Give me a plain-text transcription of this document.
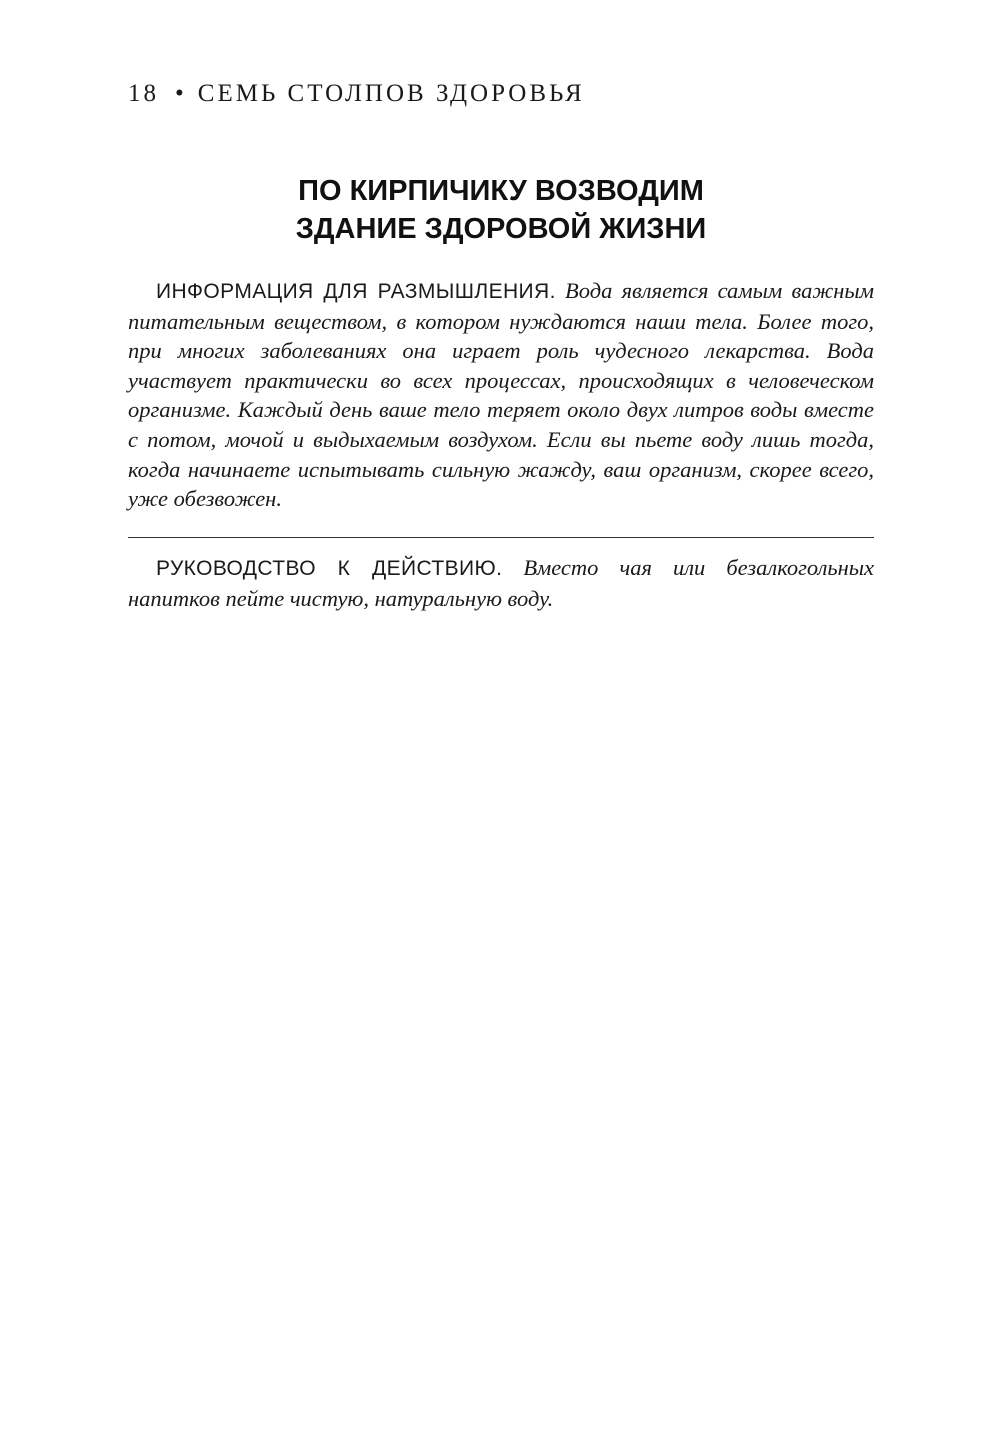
18 • СЕМЬ СТОЛПОВ ЗДОРОВЬЯ
ПО КИРПИЧИКУ ВОЗВОДИМ
ЗДАНИЕ ЗДОРОВОЙ ЖИЗНИ
ИНФОРМАЦИЯ ДЛЯ РАЗМЫШЛЕНИЯ. Вода является самым важным питательным веществом, в котором нуждаются наши тела. Более того, при многих заболеваниях она играет роль чудесного лекарства. Вода участвует практически во всех процессах, происходящих в человеческом организме. Каждый день ваше тело теряет около двух литров воды вместе с потом, мочой и выдыхаемым воздухом. Если вы пьете воду лишь тогда, когда начинаете испытывать сильную жажду, ваш организм, скорее всего, уже обезвожен.
РУКОВОДСТВО К ДЕЙСТВИЮ. Вместо чая или безалкогольных напитков пейте чистую, натуральную воду.
